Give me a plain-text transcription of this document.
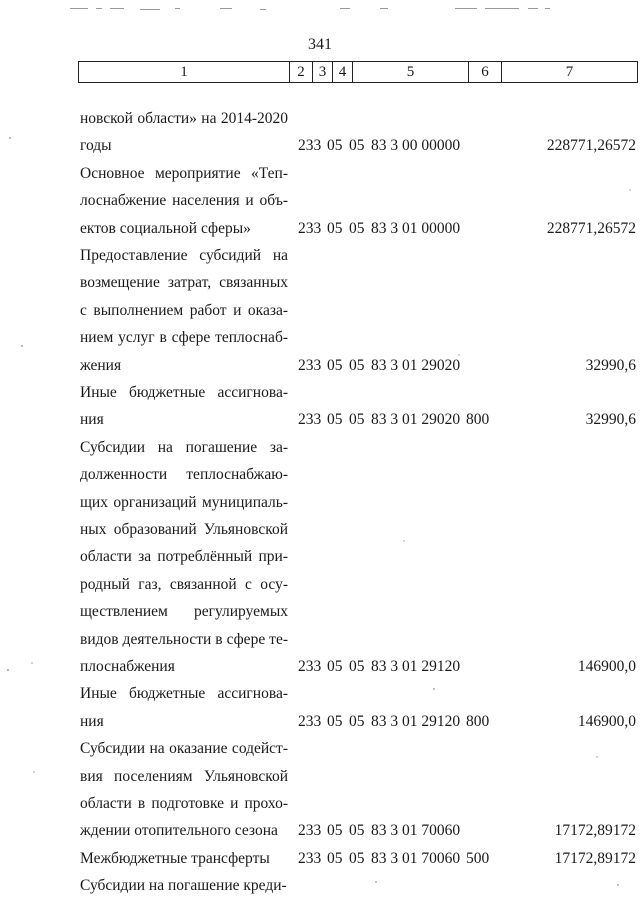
341
1	2	3	4	5	6	7
новской области» на 2014-2020
годы	233 05 05 83 3 00 00000	228771,26572
Основное мероприятие «Теп-
лоснабжение населения и объ-
ектов социальной сферы»	233 05 05 83 3 01 00000	228771,26572
Предоставление субсидий на
возмещение затрат, связанных
с выполнением работ и оказа-
нием услуг в сфере теплоснаб-
жения	233 05 05 83 3 01 29020	32990,6
Иные бюджетные ассигнова-
ния	233 05 05 83 3 01 29020 800	32990,6
Субсидии на погашение за-
долженности теплоснабжаю-
щих организаций муниципаль-
ных образований Ульяновской
области за потреблённый при-
родный газ, связанной с осу-
ществлением регулируемых
видов деятельности в сфере те-
плоснабжения	233 05 05 83 3 01 29120	146900,0
Иные бюджетные ассигнова-
ния	233 05 05 83 3 01 29120 800	146900,0
Субсидии на оказание содейст-
вия поселениям Ульяновской
области в подготовке и прохо-
ждении отопительного сезона	233 05 05 83 3 01 70060	17172,89172
Межбюджетные трансферты	233 05 05 83 3 01 70060 500	17172,89172
Субсидии на погашение креди-
